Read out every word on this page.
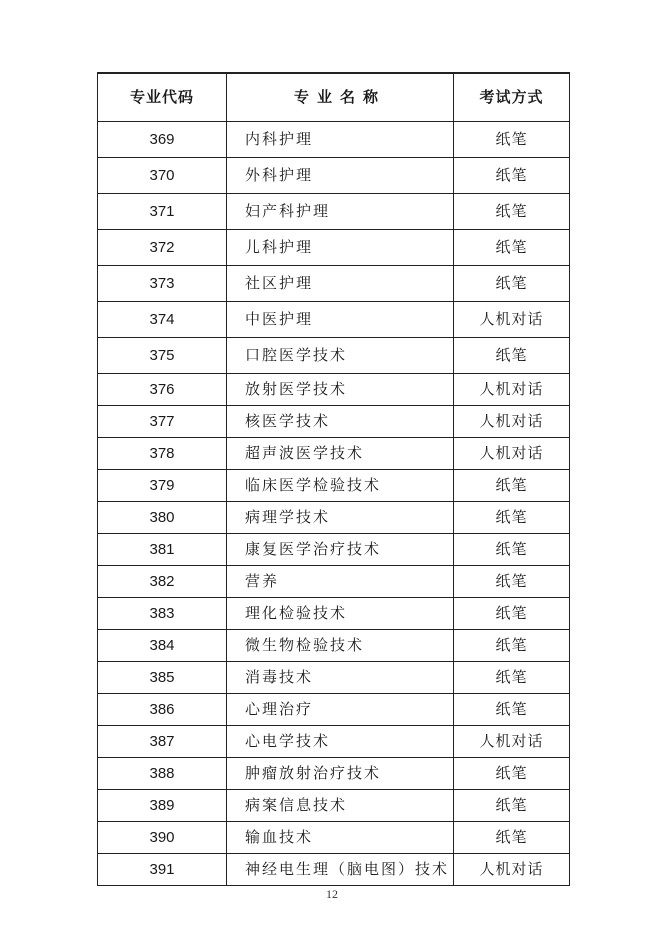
专业代码	专业名称	考试方式
369	内科护理	纸笔
370	外科护理	纸笔
371	妇产科护理	纸笔
372	儿科护理	纸笔
373	社区护理	纸笔
374	中医护理	人机对话
375	口腔医学技术	纸笔
376	放射医学技术	人机对话
377	核医学技术	人机对话
378	超声波医学技术	人机对话
379	临床医学检验技术	纸笔
380	病理学技术	纸笔
381	康复医学治疗技术	纸笔
382	营养	纸笔
383	理化检验技术	纸笔
384	微生物检验技术	纸笔
385	消毒技术	纸笔
386	心理治疗	纸笔
387	心电学技术	人机对话
388	肿瘤放射治疗技术	纸笔
389	病案信息技术	纸笔
390	输血技术	纸笔
391	神经电生理（脑电图）技术	人机对话
12
